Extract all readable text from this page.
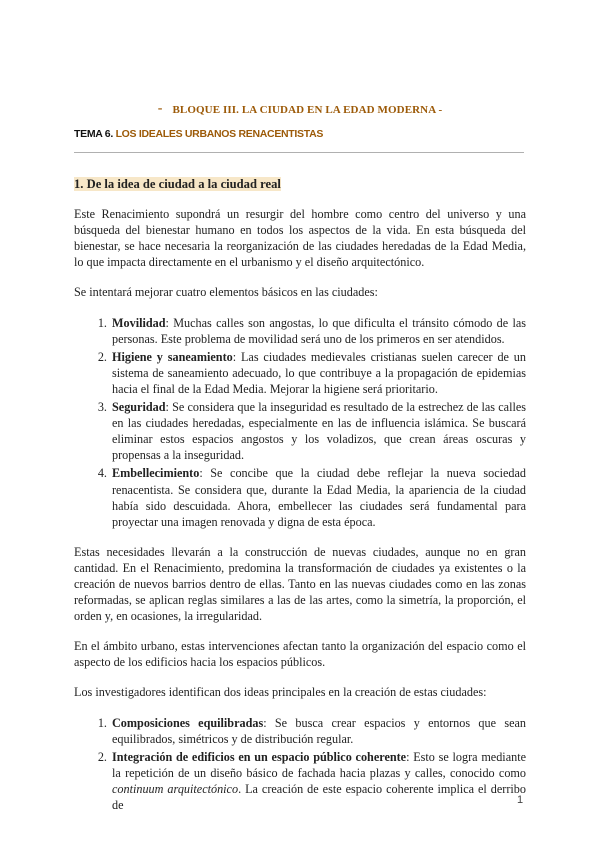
- BLOQUE III. LA CIUDAD EN LA EDAD MODERNA -
TEMA 6. LOS IDEALES URBANOS RENACENTISTAS
1. De la idea de ciudad a la ciudad real

Este Renacimiento supondrá un resurgir del hombre como centro del universo y una búsqueda del bienestar humano en todos los aspectos de la vida. En esta búsqueda del bienestar, se hace necesaria la reorganización de las ciudades heredadas de la Edad Media, lo que impacta directamente en el urbanismo y el diseño arquitectónico.

Se intentará mejorar cuatro elementos básicos en las ciudades:

1. Movilidad: Muchas calles son angostas, lo que dificulta el tránsito cómodo de las personas. Este problema de movilidad será uno de los primeros en ser atendidos.
2. Higiene y saneamiento: Las ciudades medievales cristianas suelen carecer de un sistema de saneamiento adecuado, lo que contribuye a la propagación de epidemias hacia el final de la Edad Media. Mejorar la higiene será prioritario.
3. Seguridad: Se considera que la inseguridad es resultado de la estrechez de las calles en las ciudades heredadas, especialmente en las de influencia islámica. Se buscará eliminar estos espacios angostos y los voladizos, que crean áreas oscuras y propensas a la inseguridad.
4. Embellecimiento: Se concibe que la ciudad debe reflejar la nueva sociedad renacentista. Se considera que, durante la Edad Media, la apariencia de la ciudad había sido descuidada. Ahora, embellecer las ciudades será fundamental para proyectar una imagen renovada y digna de esta época.

Estas necesidades llevarán a la construcción de nuevas ciudades, aunque no en gran cantidad. En el Renacimiento, predomina la transformación de ciudades ya existentes o la creación de nuevos barrios dentro de ellas. Tanto en las nuevas ciudades como en las zonas reformadas, se aplican reglas similares a las de las artes, como la simetría, la proporción, el orden y, en ocasiones, la irregularidad.

En el ámbito urbano, estas intervenciones afectan tanto la organización del espacio como el aspecto de los edificios hacia los espacios públicos.

Los investigadores identifican dos ideas principales en la creación de estas ciudades:

1. Composiciones equilibradas: Se busca crear espacios y entornos que sean equilibrados, simétricos y de distribución regular.
2. Integración de edificios en un espacio público coherente: Esto se logra mediante la repetición de un diseño básico de fachada hacia plazas y calles, conocido como continuum arquitectónico. La creación de este espacio coherente implica el derribo de	1
